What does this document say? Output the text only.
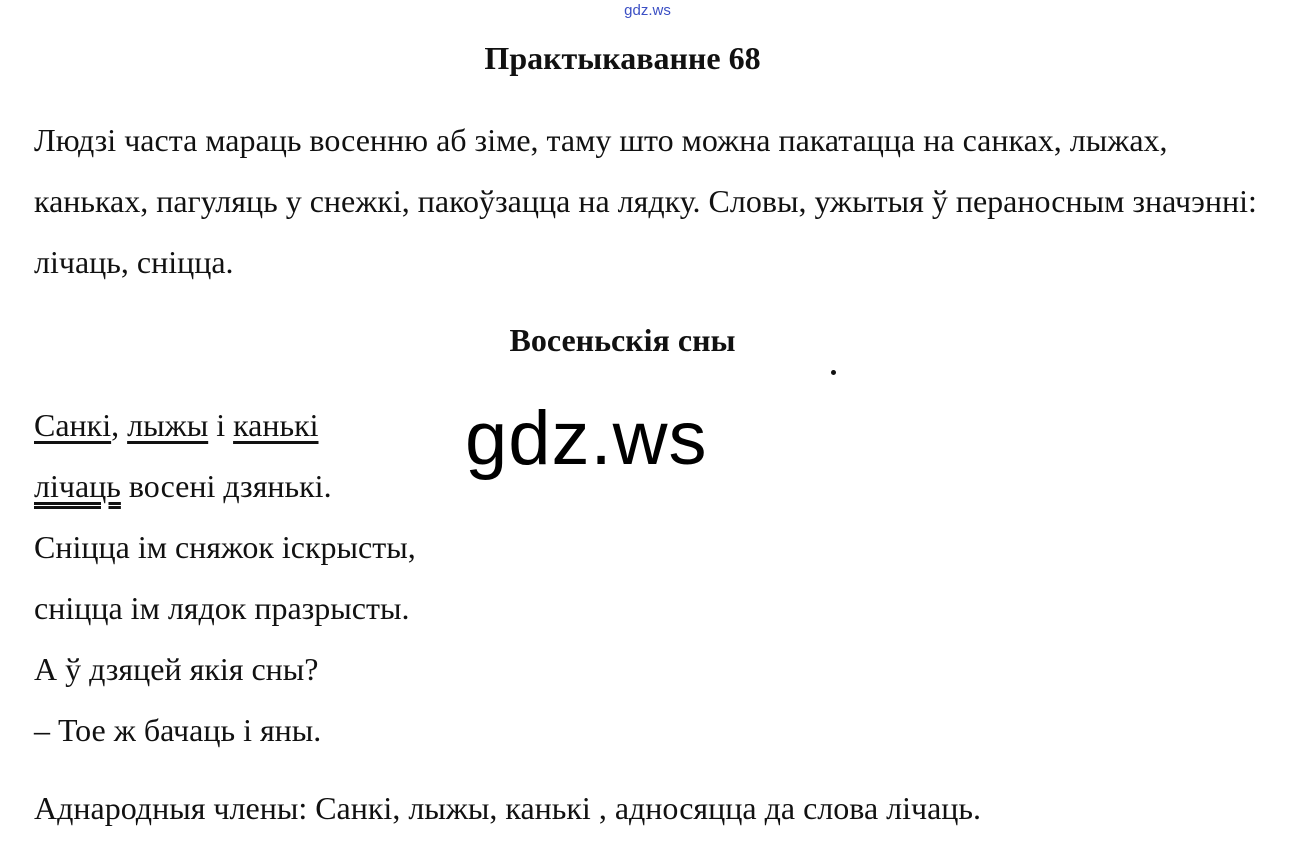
gdz.ws
Практыкаванне 68
Людзі часта мараць восенню аб зіме, таму што можна пакатацца на санках, лыжах, каньках, пагуляць у снежкі, пакоўзацца на лядку. Словы, ужытыя ў пераносным значэнні: лічаць, сніцца.
Восеньскія сны
Санкі, лыжы і канькі
лічаць восені дзянькі.
Сніцца ім сняжок іскрысты,
сніцца ім лядок празрысты.
А ў дзяцей якія сны?
– Тое ж бачаць і яны.
gdz.ws
Аднародныя члены: Санкі, лыжы, канькі , адносяцца да слова лічаць.
